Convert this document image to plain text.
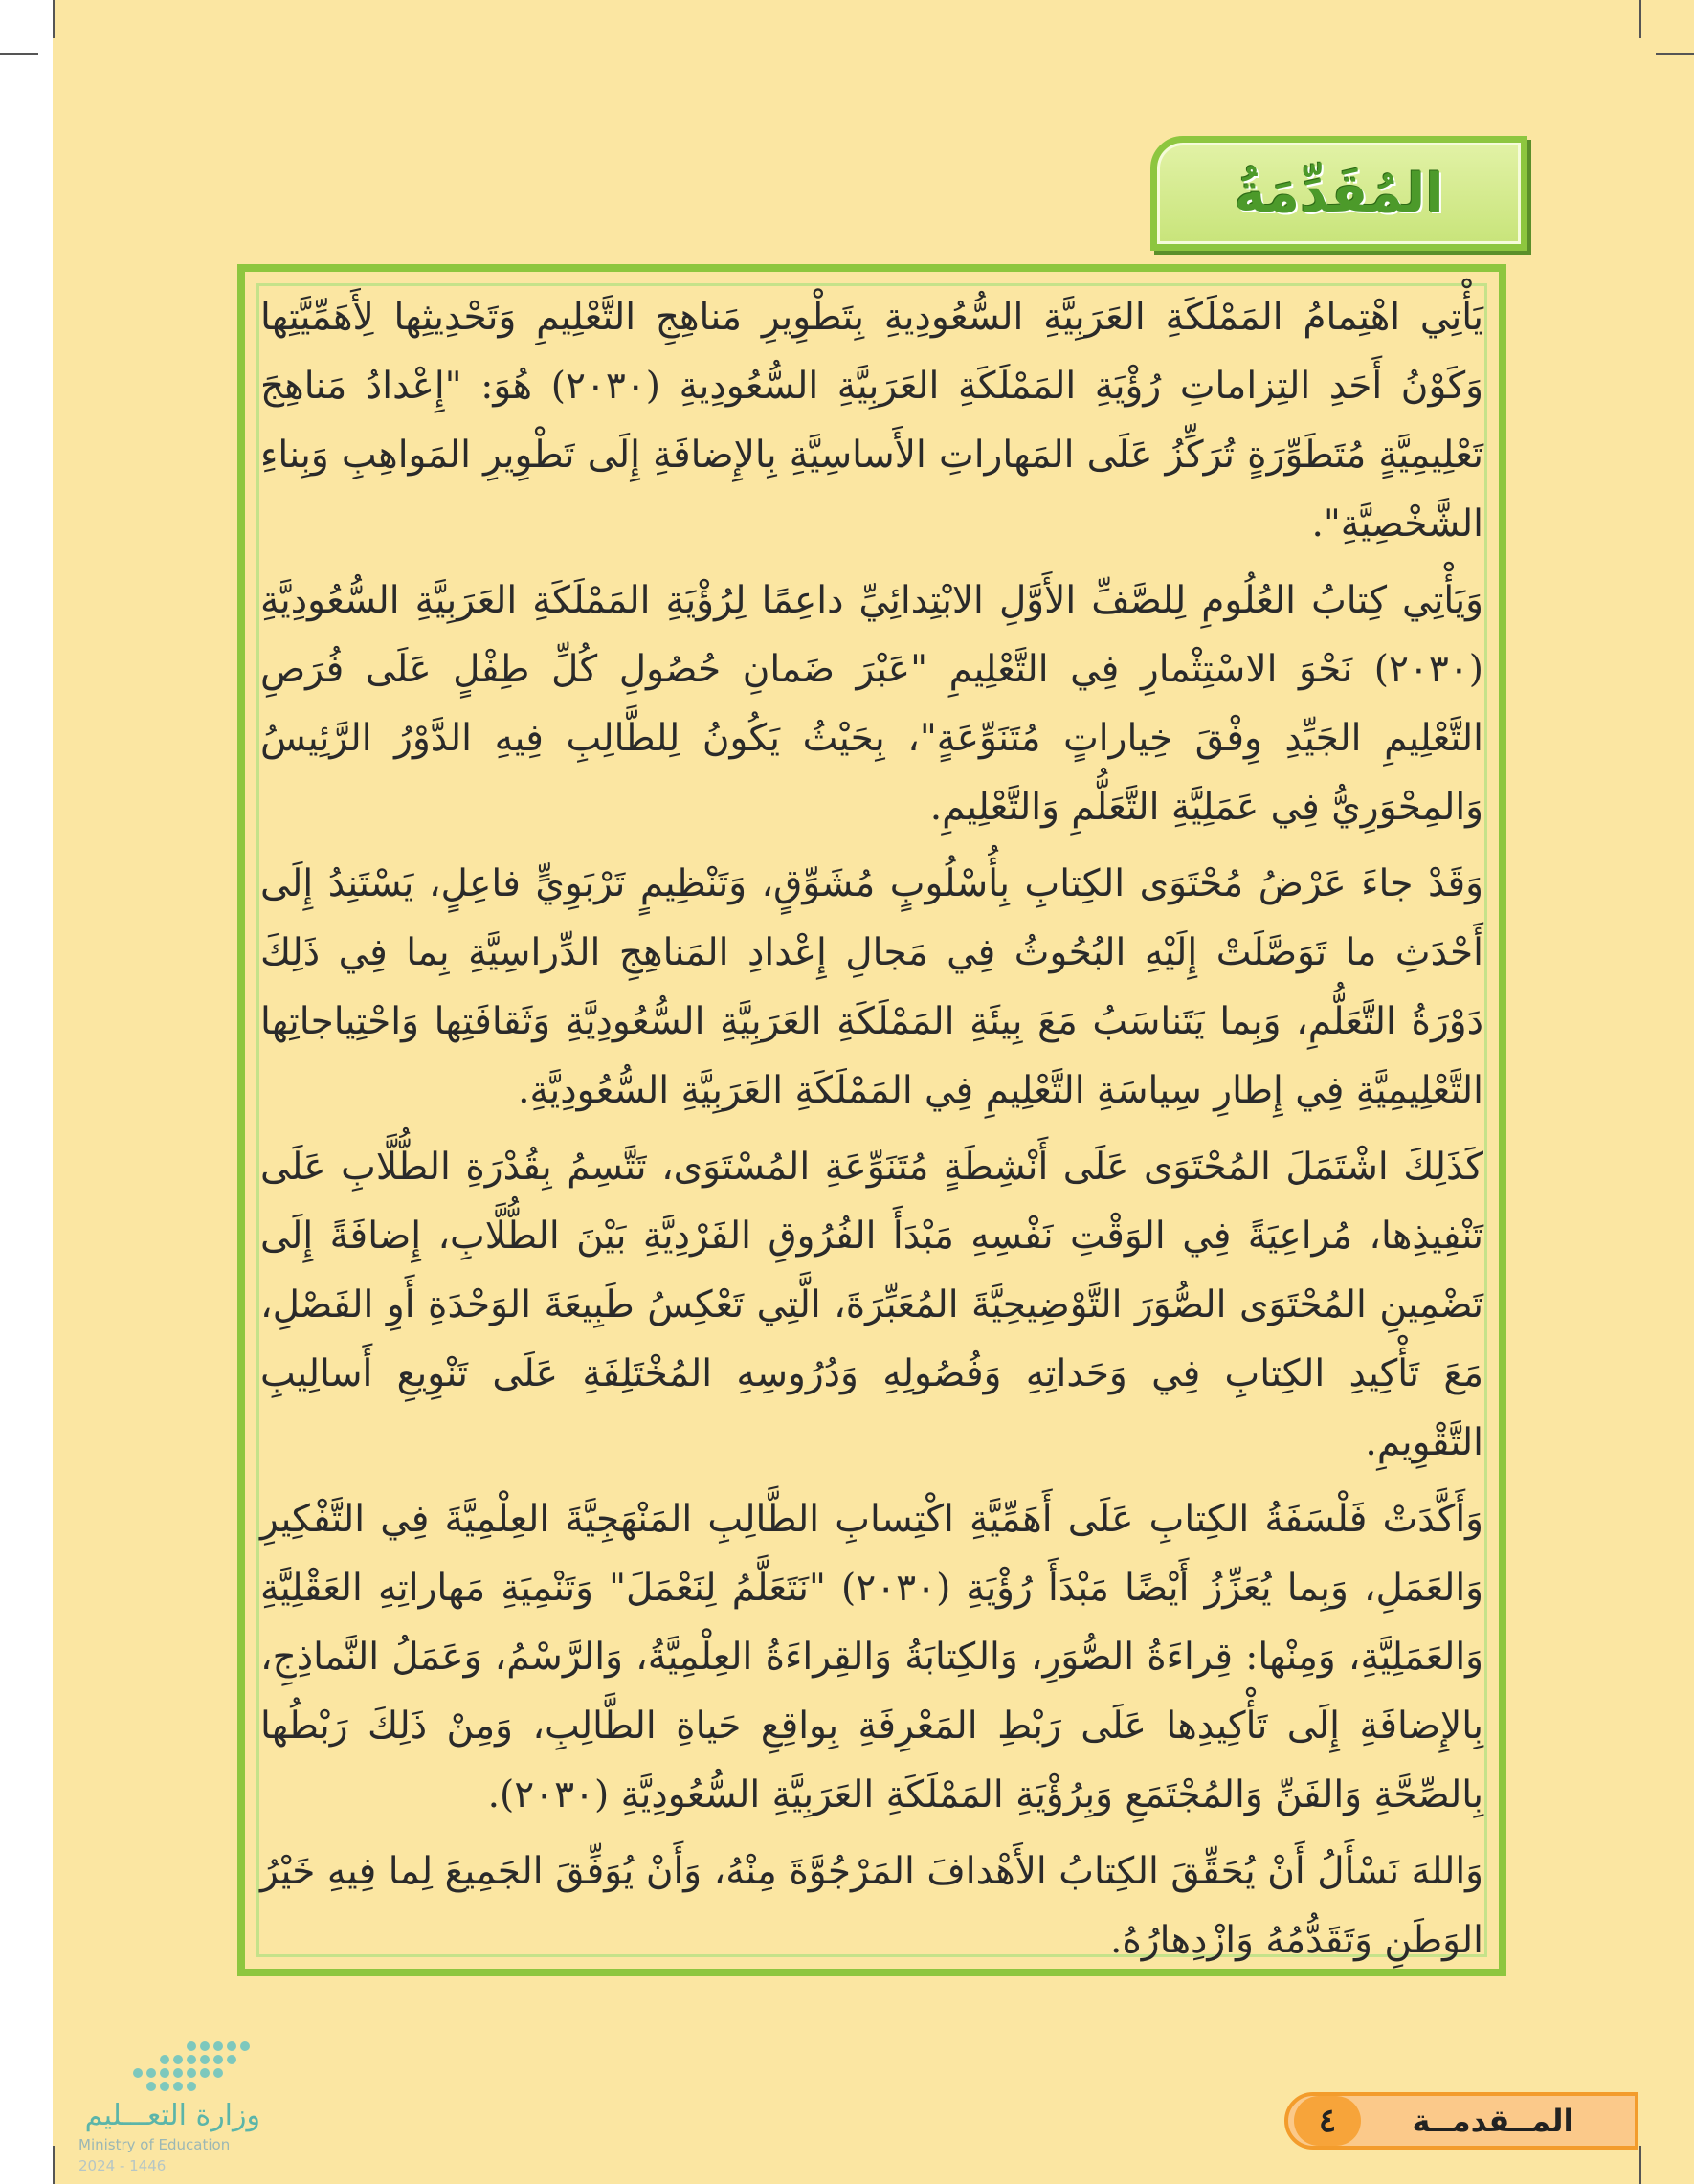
المُقَدِّمَةُ

يَأْتِي اهْتِمامُ المَمْلَكَةِ العَرَبِيَّةِ السُّعُودِيةِ بِتَطْوِيرِ مَناهِجِ التَّعْلِيمِ وَتَحْدِيثِها لِأَهَمِّيَّتِها وَكَوْنُ أَحَدِ التِزاماتِ رُؤْيَةِ المَمْلَكَةِ العَرَبِيَّةِ السُّعُودِيةِ (٢٠٣٠) هُوَ: "إِعْدادُ مَناهِجَ تَعْلِيمِيَّةٍ مُتَطَوِّرَةٍ تُرَكِّزُ عَلَى المَهاراتِ الأَساسِيَّةِ بِالإِضافَةِ إِلَى تَطْوِيرِ المَواهِبِ وَبِناءِ الشَّخْصِيَّةِ".

وَيَأْتِي كِتابُ العُلُومِ لِلصَّفِّ الأَوَّلِ الابْتِدائِيِّ داعِمًا لِرُؤْيَةِ المَمْلَكَةِ العَرَبِيَّةِ السُّعُودِيَّةِ (٢٠٣٠) نَحْوَ الاسْتِثْمارِ فِي التَّعْلِيمِ "عَبْرَ ضَمانِ حُصُولِ كُلِّ طِفْلٍ عَلَى فُرَصِ التَّعْلِيمِ الجَيِّدِ وِفْقَ خِياراتٍ مُتَنَوِّعَةٍ"، بِحَيْثُ يَكُونُ لِلطَّالِبِ فِيهِ الدَّوْرُ الرَّئِيسُ وَالمِحْوَرِيُّ فِي عَمَلِيَّةِ التَّعَلُّمِ وَالتَّعْلِيمِ.

وَقَدْ جاءَ عَرْضُ مُحْتَوَى الكِتابِ بِأُسْلُوبٍ مُشَوِّقٍ، وَتَنْظِيمٍ تَرْبَوِيٍّ فاعِلٍ، يَسْتَنِدُ إِلَى أَحْدَثِ ما تَوَصَّلَتْ إِلَيْهِ البُحُوثُ فِي مَجالِ إِعْدادِ المَناهِجِ الدِّراسِيَّةِ بِما فِي ذَلِكَ دَوْرَةُ التَّعَلُّمِ، وَبِما يَتَناسَبُ مَعَ بِيئَةِ المَمْلَكَةِ العَرَبِيَّةِ السُّعُودِيَّةِ وَثَقافَتِها وَاحْتِياجاتِها التَّعْلِيمِيَّةِ فِي إِطارِ سِياسَةِ التَّعْلِيمِ فِي المَمْلَكَةِ العَرَبِيَّةِ السُّعُودِيَّةِ.

كَذَلِكَ اشْتَمَلَ المُحْتَوَى عَلَى أَنْشِطَةٍ مُتَنَوِّعَةِ المُسْتَوَى، تَتَّسِمُ بِقُدْرَةِ الطُّلَّابِ عَلَى تَنْفِيذِها، مُراعِيَةً فِي الوَقْتِ نَفْسِهِ مَبْدَأَ الفُرُوقِ الفَرْدِيَّةِ بَيْنَ الطُّلَّابِ، إِضافَةً إِلَى تَضْمِينِ المُحْتَوَى الصُّوَرَ التَّوْضِيحِيَّةَ المُعَبِّرَةَ، الَّتِي تَعْكِسُ طَبِيعَةَ الوَحْدَةِ أَوِ الفَصْلِ، مَعَ تَأْكِيدِ الكِتابِ فِي وَحَداتِهِ وَفُصُولِهِ وَدُرُوسِهِ المُخْتَلِفَةِ عَلَى تَنْوِيعِ أَسالِيبِ التَّقْوِيمِ.

وَأَكَّدَتْ فَلْسَفَةُ الكِتابِ عَلَى أَهَمِّيَّةِ اكْتِسابِ الطَّالِبِ المَنْهَجِيَّةَ العِلْمِيَّةَ فِي التَّفْكِيرِ وَالعَمَلِ، وَبِما يُعَزِّزُ أَيْضًا مَبْدَأَ رُؤْيَةِ (٢٠٣٠) "نَتَعَلَّمُ لِنَعْمَلَ" وَتَنْمِيَةِ مَهاراتِهِ العَقْلِيَّةِ وَالعَمَلِيَّةِ، وَمِنْها: قِراءَةُ الصُّوَرِ، وَالكِتابَةُ وَالقِراءَةُ العِلْمِيَّةُ، وَالرَّسْمُ، وَعَمَلُ النَّماذِجِ، بِالإِضافَةِ إِلَى تَأْكِيدِها عَلَى رَبْطِ المَعْرِفَةِ بِواقِعِ حَياةِ الطَّالِبِ، وَمِنْ ذَلِكَ رَبْطُها بِالصِّحَّةِ وَالفَنِّ وَالمُجْتَمَعِ وَبِرُؤْيَةِ المَمْلَكَةِ العَرَبِيَّةِ السُّعُودِيَّةِ (٢٠٣٠).

وَاللهَ نَسْأَلُ أَنْ يُحَقِّقَ الكِتابُ الأَهْدافَ المَرْجُوَّةَ مِنْهُ، وَأَنْ يُوَفِّقَ الجَمِيعَ لِما فِيهِ خَيْرُ الوَطَنِ وَتَقَدُّمُهُ وَازْدِهارُهُ.

وزارة التعـــليم
Ministry of Education
2024 - 1446
٤	المــقدمــة
